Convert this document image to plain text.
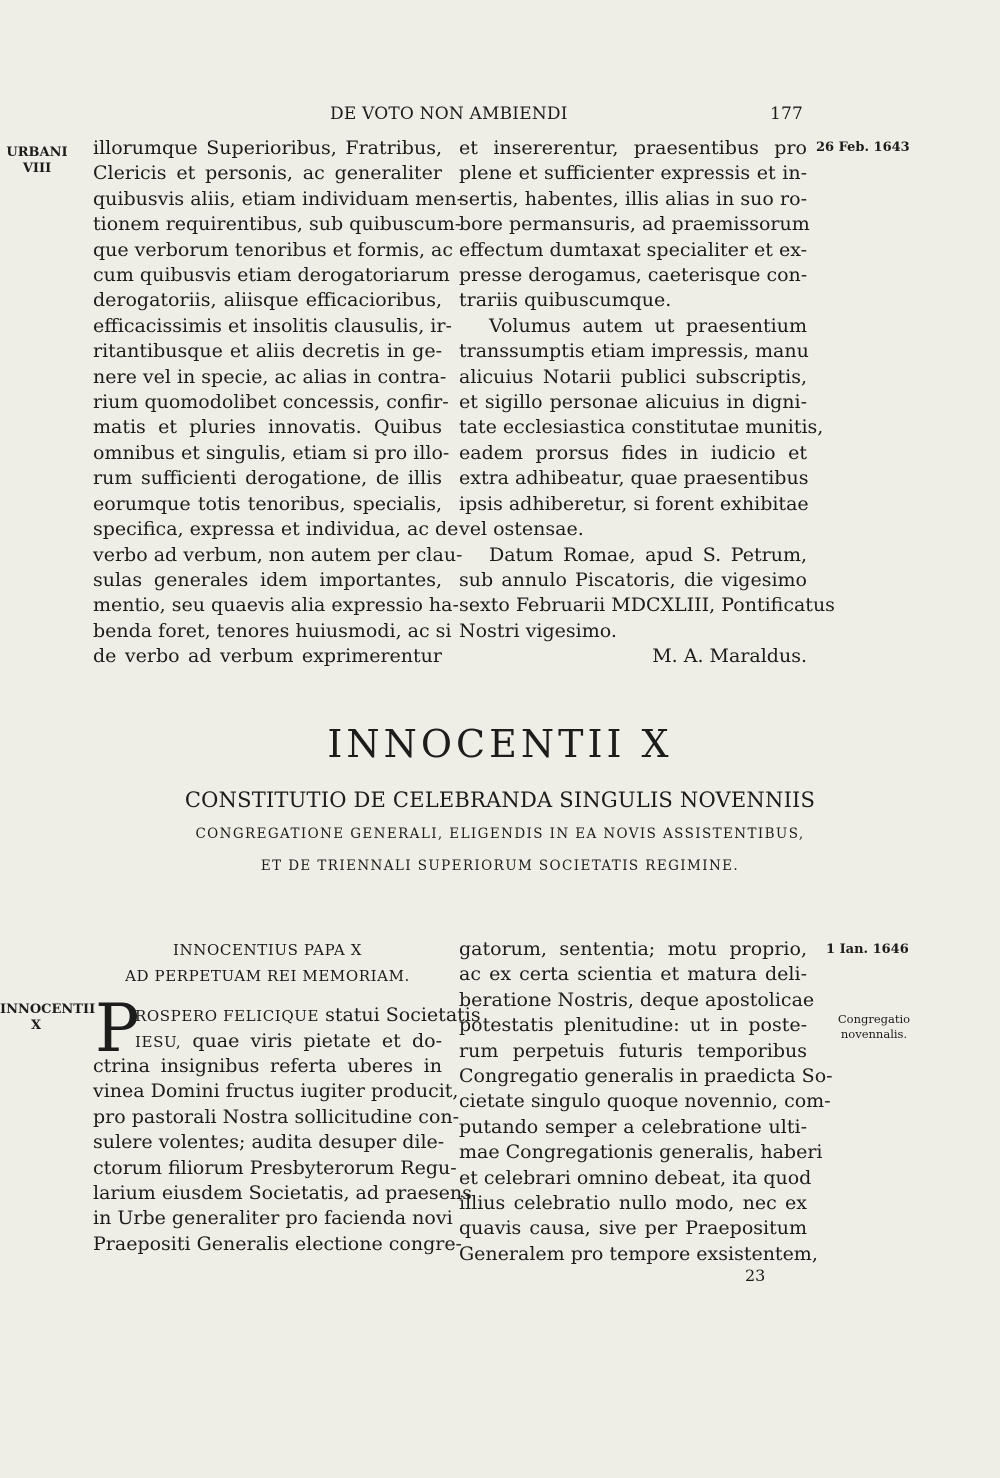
DE VOTO NON AMBIENDI	177
URBANI
VIII
26 Feb. 1643
INNOCENTII
X
1 Ian. 1646
Congregatio
novennalis.
illorumque Superioribus, Fratribus,
Clericis et personis, ac generaliter
quibusvis aliis, etiam individuam men-
tionem requirentibus, sub quibuscum-
que verborum tenoribus et formis, ac
cum quibusvis etiam derogatoriarum
derogatoriis, aliisque efficacioribus,
efficacissimis et insolitis clausulis, ir-
ritantibusque et aliis decretis in ge-
nere vel in specie, ac alias in contra-
rium quomodolibet concessis, confir-
matis et pluries innovatis. Quibus
omnibus et singulis, etiam si pro illo-
rum sufficienti derogatione, de illis
eorumque totis tenoribus, specialis,
specifica, expressa et individua, ac de
verbo ad verbum, non autem per clau-
sulas generales idem importantes,
mentio, seu quaevis alia expressio ha-
benda foret, tenores huiusmodi, ac si
de verbo ad verbum exprimerentur
et insererentur, praesentibus pro
plene et sufficienter expressis et in-
sertis, habentes, illis alias in suo ro-
bore permansuris, ad praemissorum
effectum dumtaxat specialiter et ex-
presse derogamus, caeterisque con-
trariis quibuscumque.
Volumus autem ut praesentium
transsumptis etiam impressis, manu
alicuius Notarii publici subscriptis,
et sigillo personae alicuius in digni-
tate ecclesiastica constitutae munitis,
eadem prorsus fides in iudicio et
extra adhibeatur, quae praesentibus
ipsis adhiberetur, si forent exhibitae
vel ostensae.
Datum Romae, apud S. Petrum,
sub annulo Piscatoris, die vigesimo
sexto Februarii MDCXLIII, Pontificatus
Nostri vigesimo.
M. A. Maraldus.
INNOCENTII X
CONSTITUTIO DE CELEBRANDA SINGULIS NOVENNIIS
CONGREGATIONE GENERALI, ELIGENDIS IN EA NOVIS ASSISTENTIBUS,
ET DE TRIENNALI SUPERIORUM SOCIETATIS REGIMINE.
INNOCENTIUS PAPA X
AD PERPETUAM REI MEMORIAM.
P
ROSPERO FELICIQUE statui Societatis
IESU, quae viris pietate et do-
ctrina insignibus referta uberes in
vinea Domini fructus iugiter producit,
pro pastorali Nostra sollicitudine con-
sulere volentes; audita desuper dile-
ctorum filiorum Presbyterorum Regu-
larium eiusdem Societatis, ad praesens
in Urbe generaliter pro facienda novi
Praepositi Generalis electione congre-
gatorum, sententia; motu proprio,
ac ex certa scientia et matura deli-
beratione Nostris, deque apostolicae
potestatis plenitudine: ut in poste-
rum perpetuis futuris temporibus
Congregatio generalis in praedicta So-
cietate singulo quoque novennio, com-
putando semper a celebratione ulti-
mae Congregationis generalis, haberi
et celebrari omnino debeat, ita quod
illius celebratio nullo modo, nec ex
quavis causa, sive per Praepositum
Generalem pro tempore exsistentem,
23
